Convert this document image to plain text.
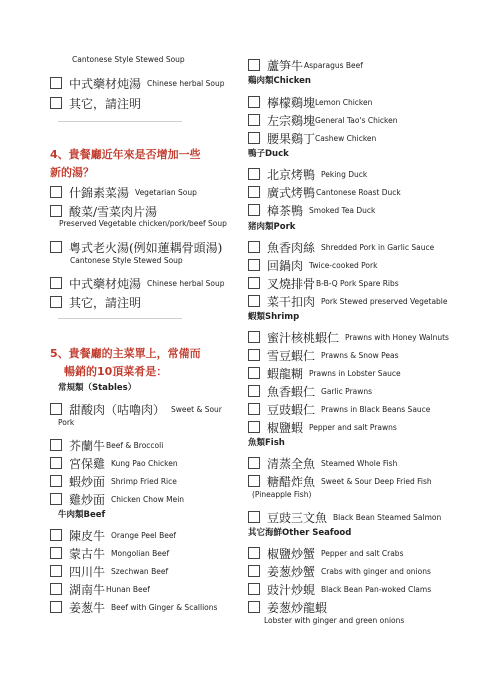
Cantonese Style Stewed Soup
中式藥材炖湯 Chinese herbal Soup
其它，請注明
4、貴餐廳近年來是否增加一些
新的湯？
什錦素菜湯 Vegetarian Soup
酸菜/雪菜肉片湯
Preserved Vegetable chicken/pork/beef Soup
粵式老火湯(例如蓮耦骨頭湯)
Cantonese Style Stewed Soup
中式藥材炖湯 Chinese herbal Soup
其它，請注明
5、貴餐廳的主菜單上，常備而
暢銷的10頂菜肴是：
常規類（Stables）
甜酸肉（咕嚕肉） Sweet & Sour
Pork
芥蘭牛Beef & Broccoli
宮保雞 Kung Pao Chicken
蝦炒面 Shrimp Fried Rice
雞炒面 Chicken Chow Mein
牛肉類Beef
陳皮牛 Orange Peel Beef
蒙古牛 Mongolian Beef
四川牛 Szechwan Beef
湖南牛Hunan Beef
姜葱牛 Beef with Ginger & Scallions
蘆笋牛Asparagus Beef
鷄肉類Chicken
檸檬鷄塊Lemon Chicken
左宗鷄塊General Tao's Chicken
腰果鷄丁Cashew Chicken
鴨子Duck
北京烤鴨 Peking Duck
廣式烤鴨Cantonese Roast Duck
樟茶鴨 Smoked Tea Duck
猪肉類Pork
魚香肉絲 Shredded Pork in Garlic Sauce
回鍋肉 Twice-cooked Pork
叉燒排骨B-B-Q Pork Spare Ribs
菜干扣肉 Pork Stewed preserved Vegetable
蝦類Shrimp
蜜汁核桃蝦仁 Prawns with Honey Walnuts
雪豆蝦仁 Prawns & Snow Peas
蝦龍糊 Prawns in Lobster Sauce
魚香蝦仁 Garlic Prawns
豆豉蝦仁 Prawns in Black Beans Sauce
椒鹽蝦 Pepper and salt Prawns
魚類Fish
清蒸全魚 Steamed Whole Fish
糖醋炸魚 Sweet & Sour Deep Fried Fish
(Pineapple Fish)
豆豉三文魚 Black Bean Steamed Salmon
其它海鮮Other Seafood
椒鹽炒蟹 Pepper and salt Crabs
姜葱炒蟹 Crabs with ginger and onions
豉汁炒蜆 Black Bean Pan-woked Clams
姜葱炒龍蝦
Lobster with ginger and green onions
